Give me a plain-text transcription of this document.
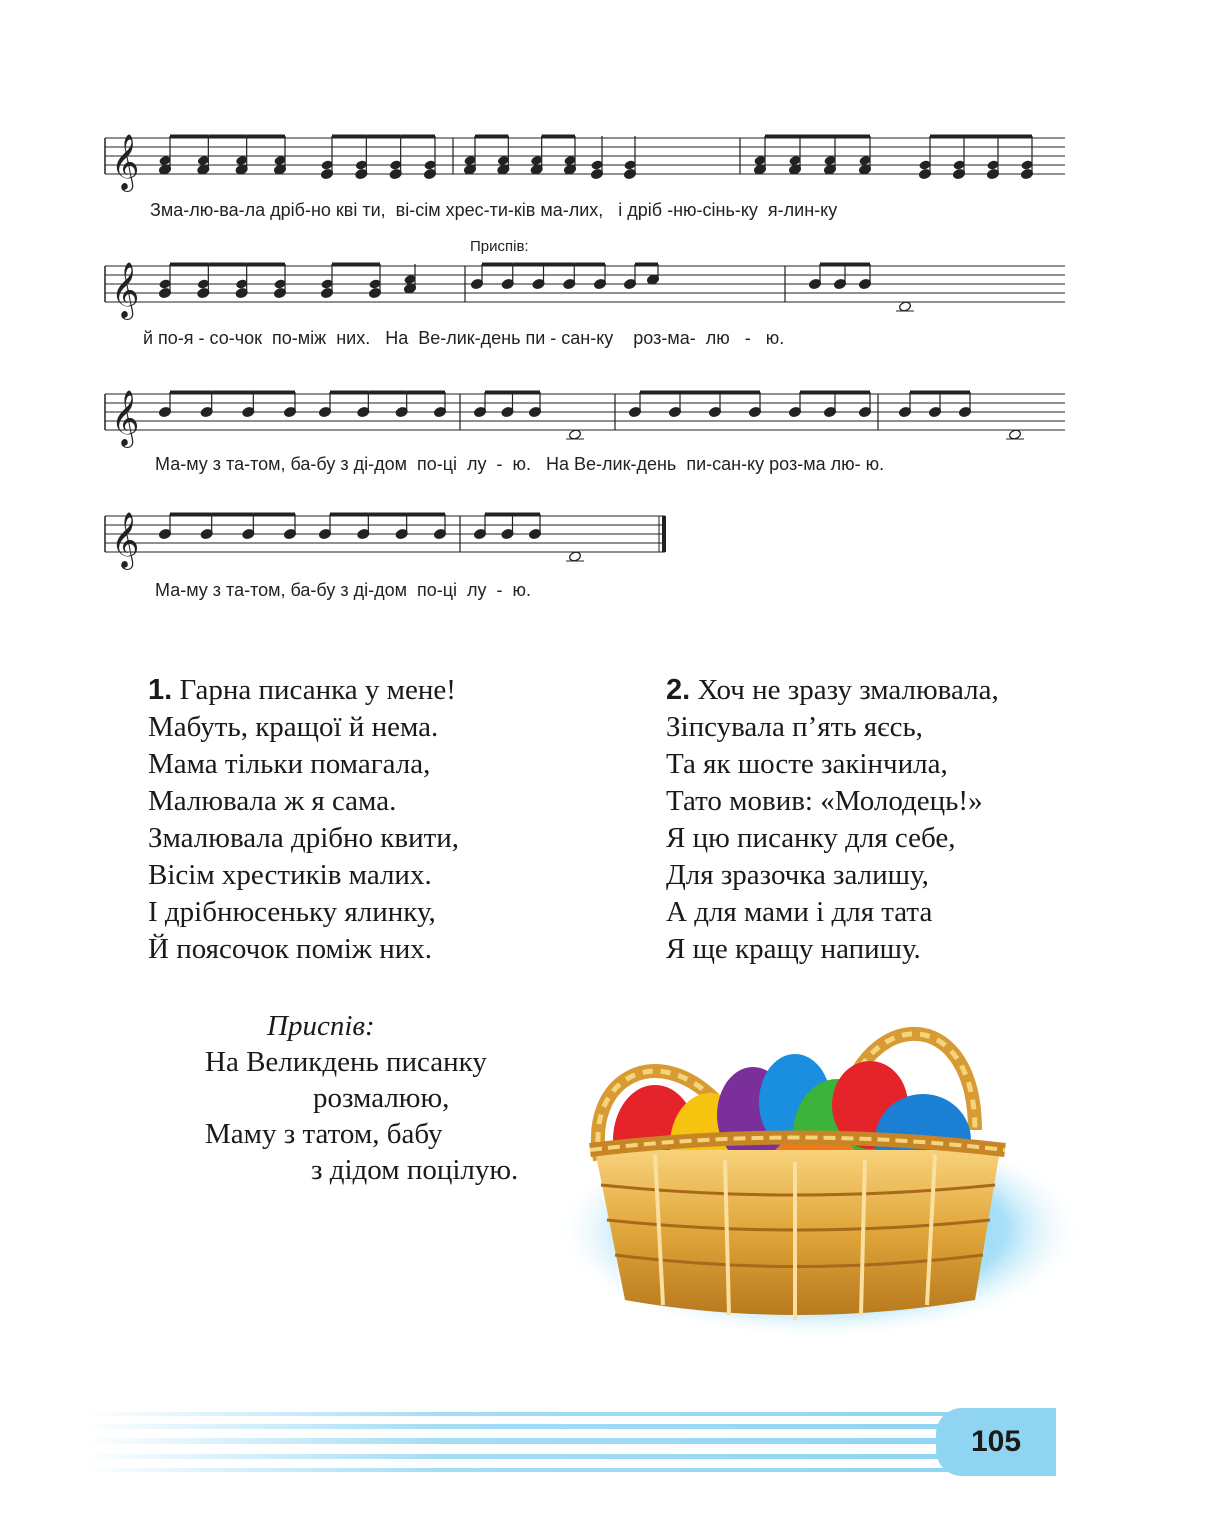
𝄞
Зма-лю-ва-ла дріб-но кві ти,  ві-сім хрес-ти-ків ма-лих,   і дріб -ню-сінь-ку  я-лин-ку
Приспів:
𝄞
й по-я - со-чок  по-між  них.   На  Ве-лик-день пи - сан-ку    роз-ма-  лю   -   ю.
𝄞
Ма-му з та-том, ба-бу з ді-дом  по-ці  лу  -  ю.   На Ве-лик-день  пи-сан-ку роз-ма лю- ю.
𝄞
Ма-му з та-том, ба-бу з ді-дом  по-ці  лу  -  ю.
1. Гарна писанка у мене!
Мабуть, кращої й нема.
Мама тільки помагала,
Малювала ж я сама.
Змалювала дрібно квити,
Вісім хрестиків малих.
І дрібнюсеньку ялинку,
Й поясочок поміж них.
2. Хоч не зразу змалювала,
Зіпсувала п’ять яєсь,
Та як шосте закінчила,
Тато мовив: «Молодець!»
Я цю писанку для себе,
Для зразочка залишу,
А для мами і для тата
Я ще кращу напишу.
Приспів:
На Великдень писанку
розмалюю,
Маму з татом, бабу
з дідом поцілую.
105
